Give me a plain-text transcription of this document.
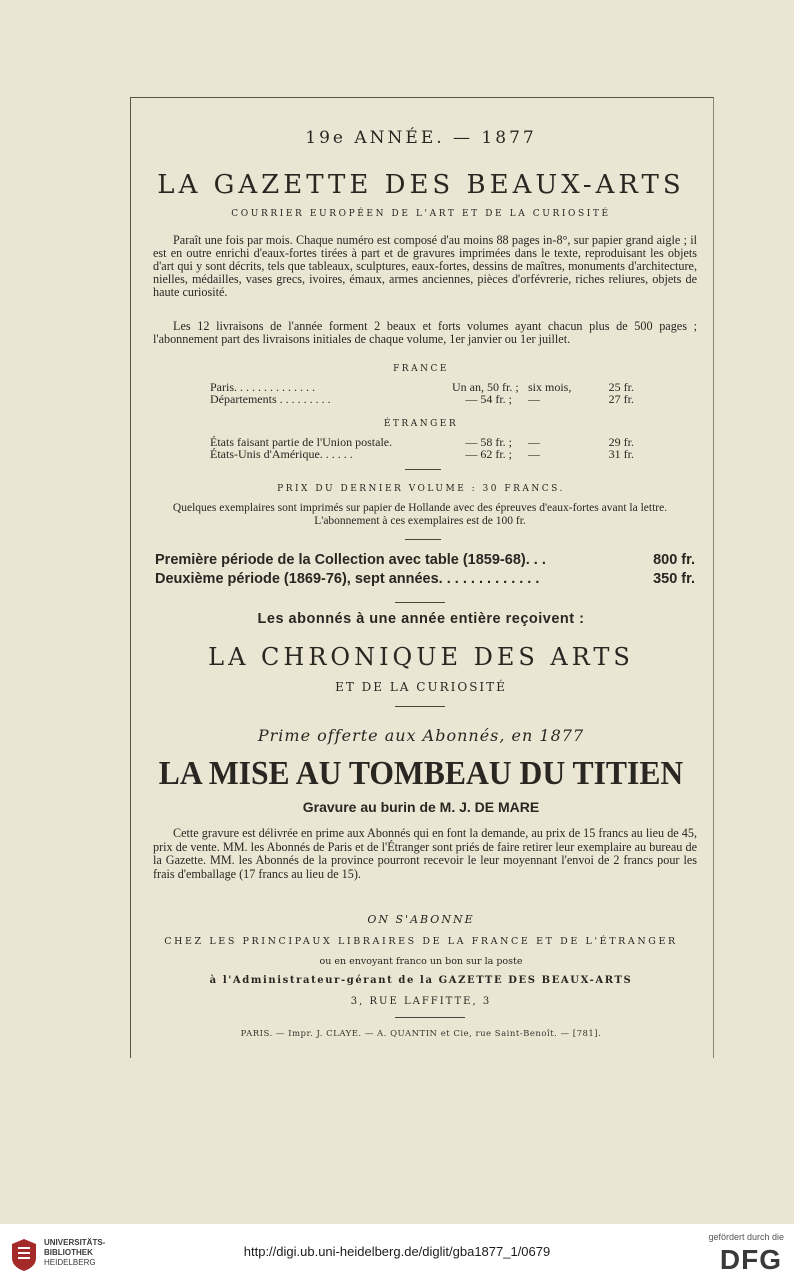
19e ANNÉE. — 1877
LA GAZETTE DES BEAUX-ARTS
COURRIER EUROPÉEN DE L'ART ET DE LA CURIOSITÉ
Paraît une fois par mois. Chaque numéro est composé d'au moins 88 pages in-8°, sur papier grand aigle ; il est en outre enrichi d'eaux-fortes tirées à part et de gravures imprimées dans le texte, reproduisant les objets d'art qui y sont décrits, tels que tableaux, sculptures, eaux-fortes, dessins de maîtres, monuments d'architecture, nielles, médailles, vases grecs, ivoires, émaux, armes anciennes, pièces d'orfévrerie, riches reliures, objets de haute curiosité.
Les 12 livraisons de l'année forment 2 beaux et forts volumes ayant chacun plus de 500 pages ; l'abonnement part des livraisons initiales de chaque volume, 1er janvier ou 1er juillet.
FRANCE
Paris. . . . . . . . . . . . . .	Un an, 50 fr. ; six mois,	25 fr.
Départements . . . . . . . . .	— 54 fr. ; —	27 fr.
ÉTRANGER
États faisant partie de l'Union postale.	— 58 fr. ; —	29 fr.
États-Unis d'Amérique. . . . . .	— 62 fr. ; —	31 fr.
PRIX DU DERNIER VOLUME : 30 FRANCS.
Quelques exemplaires sont imprimés sur papier de Hollande avec des épreuves d'eaux-fortes avant la lettre. L'abonnement à ces exemplaires est de 100 fr.
Première période de la Collection avec table (1859-68). . .	800 fr.
Deuxième période (1869-76), sept années. . . . . . . . . . . . .	350 fr.
Les abonnés à une année entière reçoivent :
LA CHRONIQUE DES ARTS
ET DE LA CURIOSITÉ
Prime offerte aux Abonnés, en 1877
LA MISE AU TOMBEAU DU TITIEN
Gravure au burin de M. J. DE MARE
Cette gravure est délivrée en prime aux Abonnés qui en font la demande, au prix de 15 francs au lieu de 45, prix de vente. MM. les Abonnés de Paris et de l'Étranger sont priés de faire retirer leur exemplaire au bureau de la Gazette. MM. les Abonnés de la province pourront recevoir le leur moyennant l'envoi de 2 francs pour les frais d'emballage (17 francs au lieu de 15).
ON S'ABONNE
CHEZ LES PRINCIPAUX LIBRAIRES DE LA FRANCE ET DE L'ÉTRANGER
ou en envoyant franco un bon sur la poste
à l'Administrateur-gérant de la GAZETTE DES BEAUX-ARTS
3, RUE LAFFITTE, 3
PARIS. — Impr. J. CLAYE. — A. QUANTIN et Cie, rue Saint-Benoît. — [781].
UNIVERSITÄTS-
BIBLIOTHEK
HEIDELBERG
http://digi.ub.uni-heidelberg.de/diglit/gba1877_1/0679
gefördert durch die
DFG
